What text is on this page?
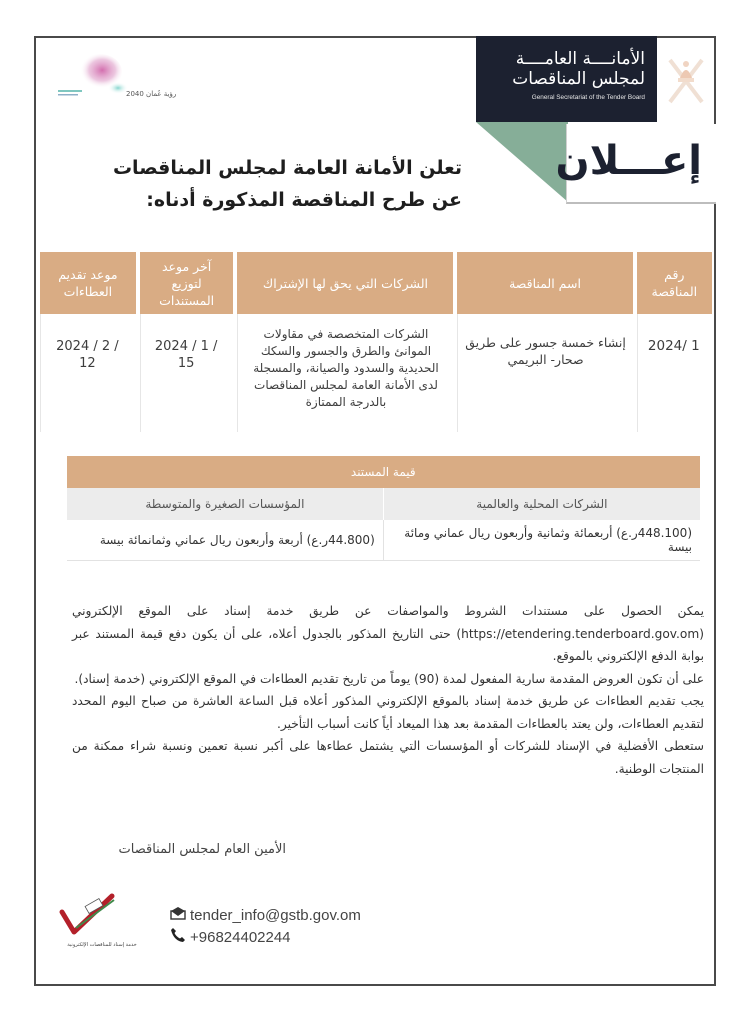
رؤية عُمان 2040
الأمانــــة العامــــة
لمجلس المناقصات
General Secretariat of the Tender Board
إعـــلان
تعلن الأمانة العامة لمجلس المناقصات
عن طرح المناقصة المذكورة أدناه:
رقم المناقصة	اسم المناقصة	الشركات التي يحق لها الإشتراك	آخر موعد لتوزيع المستندات	موعد تقديم العطاءات
2024/ 1	إنشاء خمسة جسور على طريق صحار- البريمي	الشركات المتخصصة في مقاولات الموانئ والطرق والجسور والسكك الحديدية والسدود والصيانة، والمسجلة لدى الأمانة العامة لمجلس المناقصات بالدرجة الممتازة	2024 / 1 / 15	2024 / 2 / 12
قيمة المستند	
الشركات المحلية والعالمية	المؤسسات الصغيرة والمتوسطة
(448.100ر.ع) أربعمائة وثمانية وأربعون ريال عماني ومائة بيسة	(44.800ر.ع) أربعة وأربعون ريال عماني وثمانمائة بيسة

يمكن الحصول على مستندات الشروط والمواصفات عن طريق خدمة إسناد على الموقع الإلكتروني (https://etendering.tenderboard.gov.om) حتى التاريخ المذكور بالجدول أعلاه، على أن يكون دفع قيمة المستند عبر بوابة الدفع الإلكتروني بالموقع.

على أن تكون العروض المقدمة سارية المفعول لمدة (90) يوماً من تاريخ تقديم العطاءات في الموقع الإلكتروني (خدمة إسناد).

يجب تقديم العطاءات عن طريق خدمة إسناد بالموقع الإلكتروني المذكور أعلاه قبل الساعة العاشرة من صباح اليوم المحدد لتقديم العطاءات، ولن يعتد بالعطاءات المقدمة بعد هذا الميعاد أياً كانت أسباب التأخير.

ستعطى الأفضلية في الإسناد للشركات أو المؤسسات التي يشتمل عطاءها على أكبر نسبة تعمين ونسبة شراء ممكنة من المنتجات الوطنية.

الأمين العام لمجلس المناقصات
خدمة إسناد للمناقصات الإلكترونية
tender_info@gstb.gov.om
+96824402244
